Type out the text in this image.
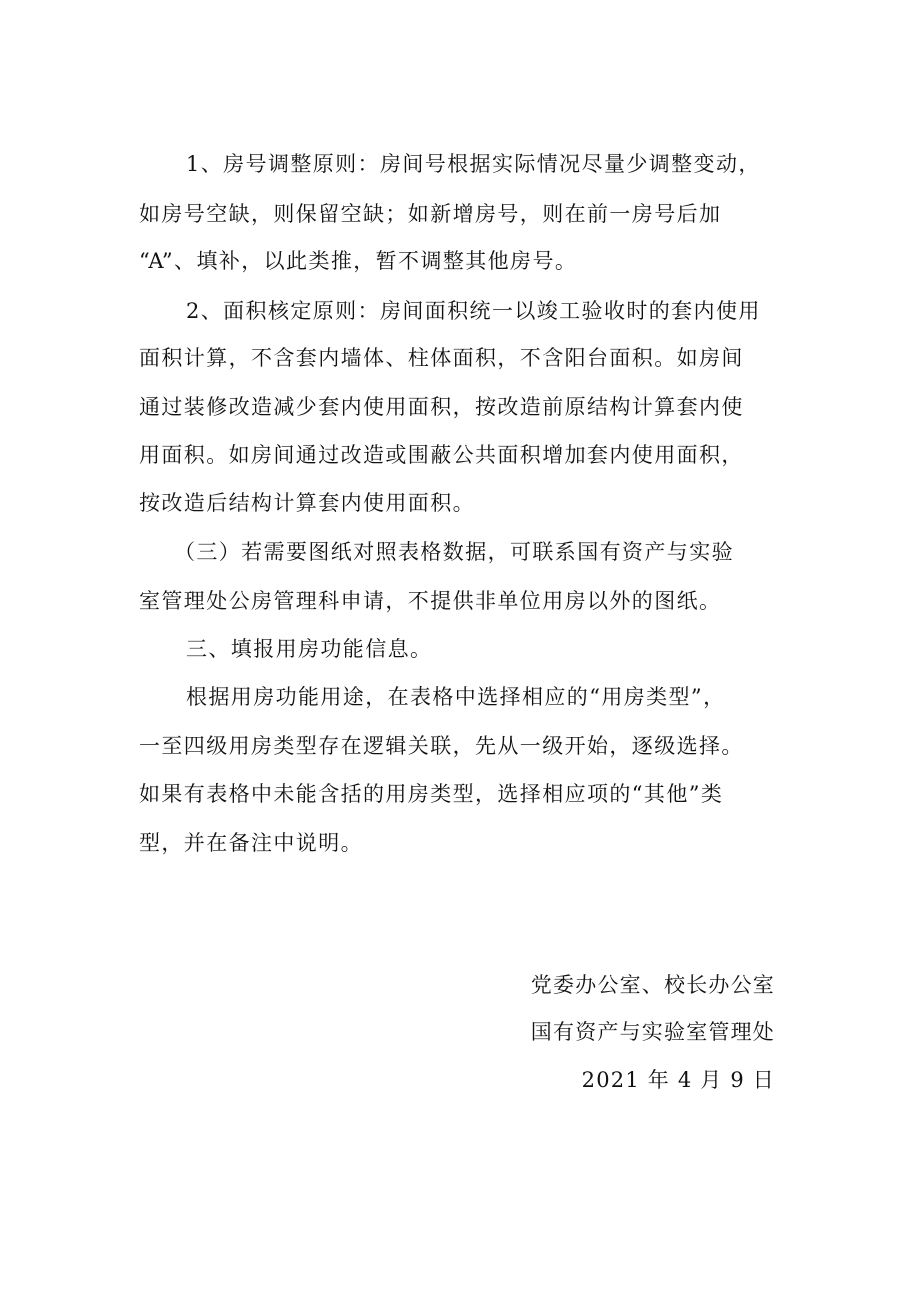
1、房号调整原则：房间号根据实际情况尽量少调整变动，
如房号空缺，则保留空缺；如新增房号，则在前一房号后加
“A”、填补，以此类推，暂不调整其他房号。
2、面积核定原则：房间面积统一以竣工验收时的套内使用
面积计算，不含套内墙体、柱体面积，不含阳台面积。如房间
通过装修改造减少套内使用面积，按改造前原结构计算套内使
用面积。如房间通过改造或围蔽公共面积增加套内使用面积，
按改造后结构计算套内使用面积。
（三）若需要图纸对照表格数据，可联系国有资产与实验
室管理处公房管理科申请，不提供非单位用房以外的图纸。
三、填报用房功能信息。
根据用房功能用途，在表格中选择相应的“用房类型”，
一至四级用房类型存在逻辑关联，先从一级开始，逐级选择。
如果有表格中未能含括的用房类型，选择相应项的“其他”类
型，并在备注中说明。
党委办公室、校长办公室
国有资产与实验室管理处
2021 年 4 月 9 日
